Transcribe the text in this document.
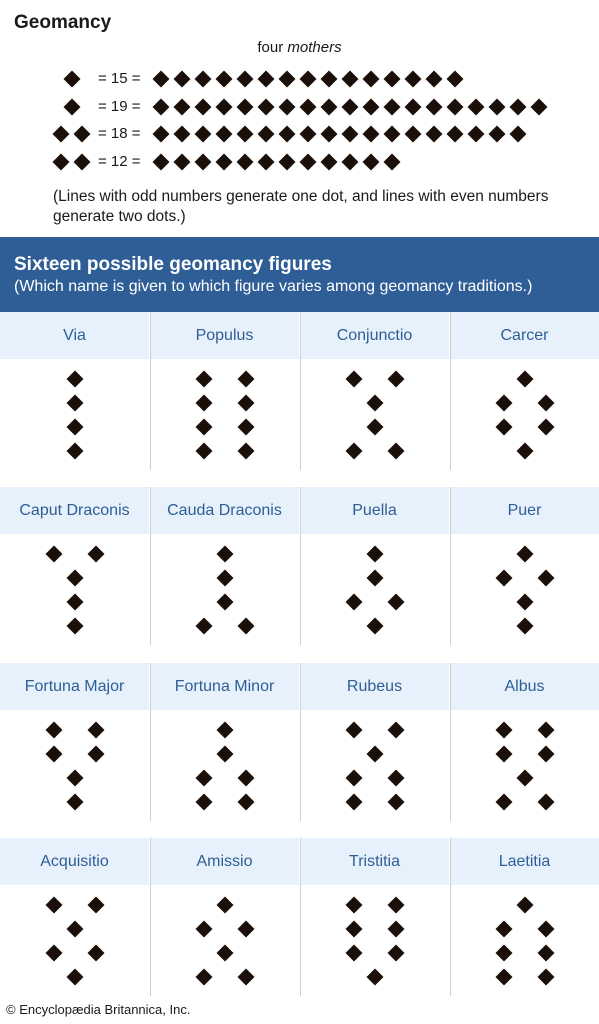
Geomancy
four mothers
= 15 =
= 19 =
= 18 =
= 12 =
(Lines with odd numbers generate one dot, and lines with even numbers generate two dots.)
Sixteen possible geomancy figures
(Which name is given to which figure varies among geomancy traditions.)
Via	Populus	Conjunctio	Carcer
Caput Draconis	Cauda Draconis	Puella	Puer
Fortuna Major	Fortuna Minor	Rubeus	Albus
Acquisitio	Amissio	Tristitia	Laetitia
© Encyclopædia Britannica, Inc.
